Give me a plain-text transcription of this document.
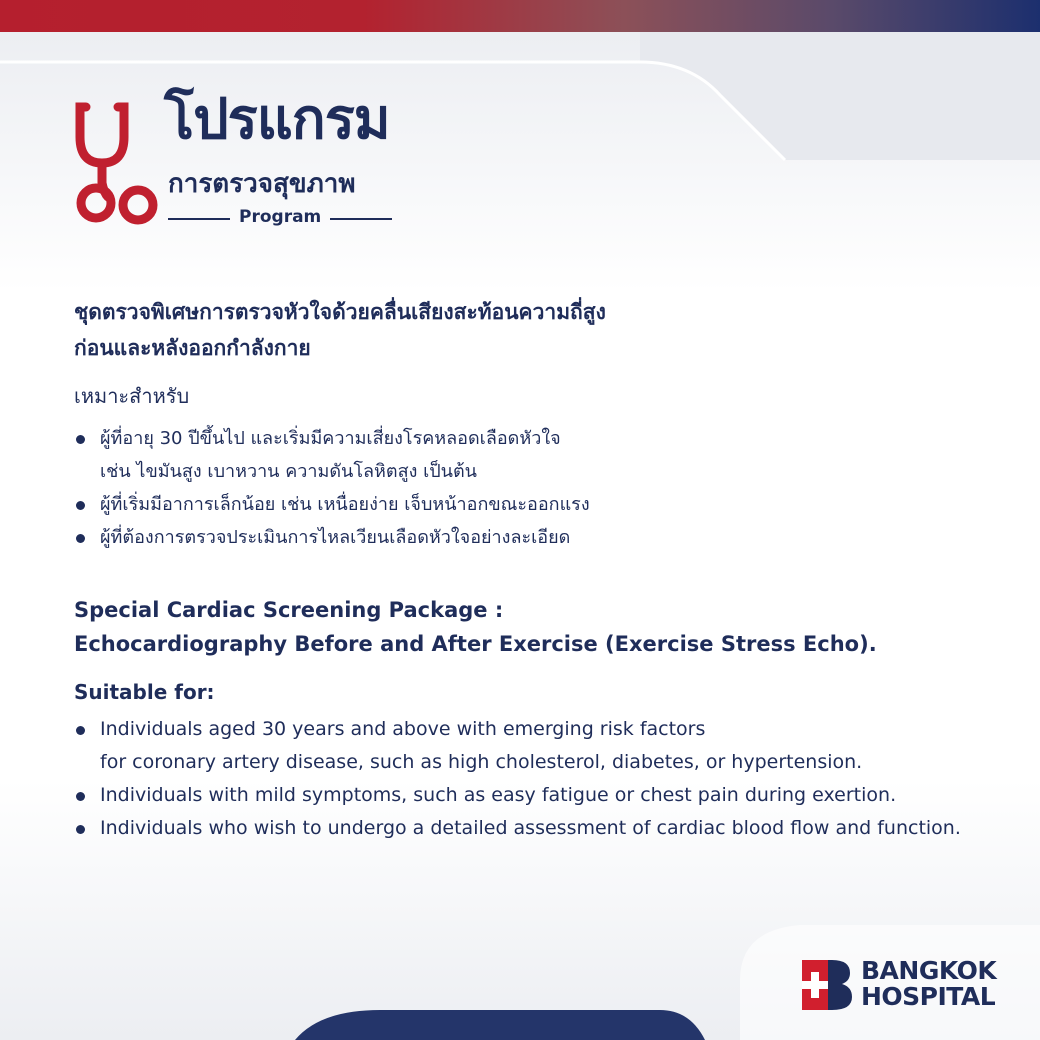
โปรแกรม
การตรวจสุขภาพ
Program
ชุดตรวจพิเศษการตรวจหัวใจด้วยคลื่นเสียงสะท้อนความถี่สูง
ก่อนและหลังออกกำลังกาย
เหมาะสำหรับ
ผู้ที่อายุ 30 ปีขึ้นไป และเริ่มมีความเสี่ยงโรคหลอดเลือดหัวใจ
เช่น ไขมันสูง เบาหวาน ความดันโลหิตสูง เป็นต้น
ผู้ที่เริ่มมีอาการเล็กน้อย เช่น เหนื่อยง่าย เจ็บหน้าอกขณะออกแรง
ผู้ที่ต้องการตรวจประเมินการไหลเวียนเลือดหัวใจอย่างละเอียด
Special Cardiac Screening Package :
Echocardiography Before and After Exercise (Exercise Stress Echo).
Suitable for:
Individuals aged 30 years and above with emerging risk factors
for coronary artery disease, such as high cholesterol, diabetes, or hypertension.
Individuals with mild symptoms, such as easy fatigue or chest pain during exertion.
Individuals who wish to undergo a detailed assessment of cardiac blood flow and function.
BANGKOK
HOSPITAL
